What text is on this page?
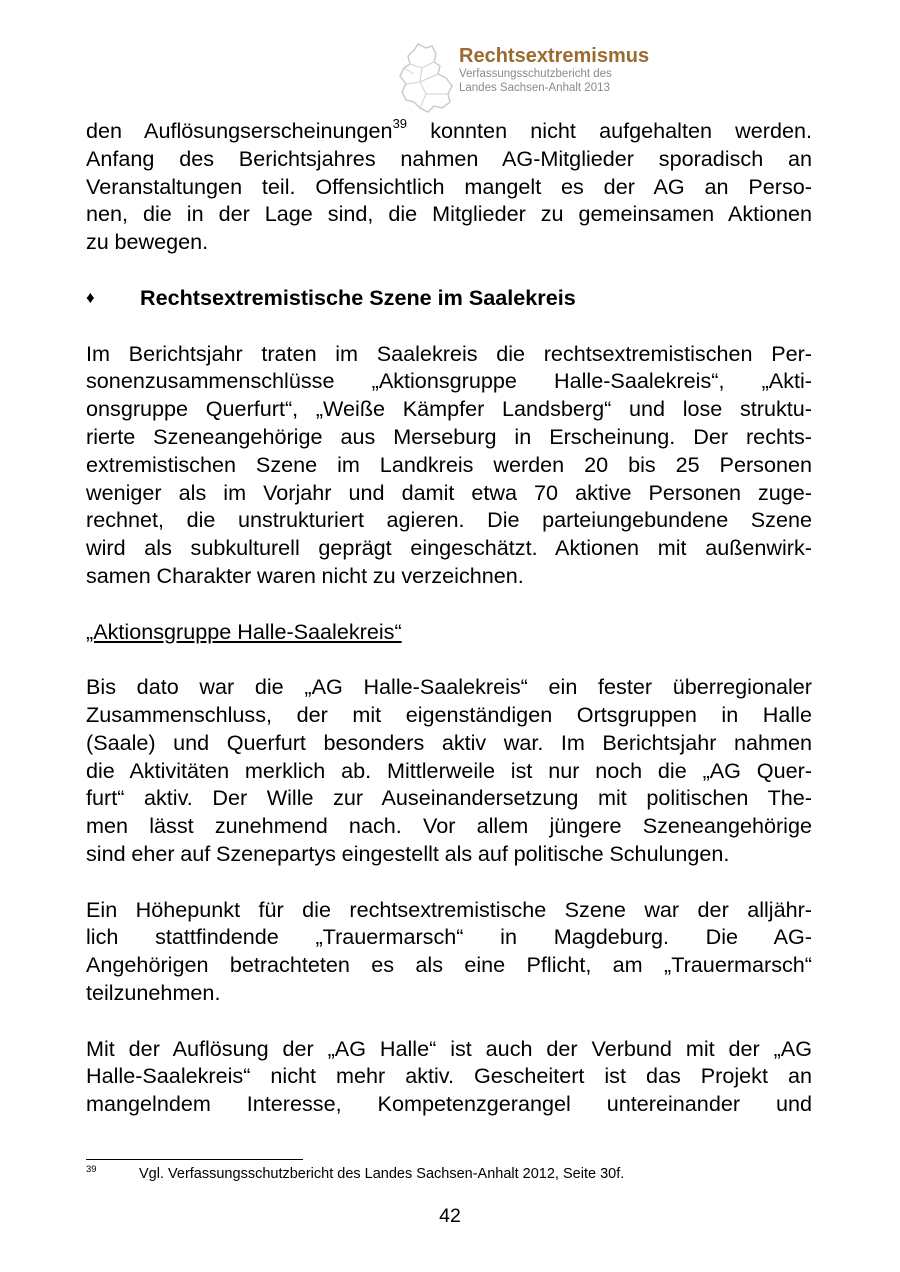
Rechtsextremismus
Verfassungsschutzbericht des
Landes Sachsen-Anhalt 2013
den Auflösungserscheinungen$^{39}$ konnten nicht aufgehalten werden.
Anfang des Berichtsjahres nahmen AG-Mitglieder sporadisch an
Veranstaltungen teil. Offensichtlich mangelt es der AG an Perso-
nen, die in der Lage sind, die Mitglieder zu gemeinsamen Aktionen
zu bewegen.
♦ Rechtsextremistische Szene im Saalekreis
Im Berichtsjahr traten im Saalekreis die rechtsextremistischen Per-
sonenzusammenschlüsse „Aktionsgruppe Halle-Saalekreis“, „Akti-
onsgruppe Querfurt“, „Weiße Kämpfer Landsberg“ und lose struktu-
rierte Szeneangehörige aus Merseburg in Erscheinung. Der rechts-
extremistischen Szene im Landkreis werden 20 bis 25 Personen
weniger als im Vorjahr und damit etwa 70 aktive Personen zuge-
rechnet, die unstrukturiert agieren. Die parteiungebundene Szene
wird als subkulturell geprägt eingeschätzt. Aktionen mit außenwirk-
samen Charakter waren nicht zu verzeichnen.
„Aktionsgruppe Halle-Saalekreis“
Bis dato war die „AG Halle-Saalekreis“ ein fester überregionaler
Zusammenschluss, der mit eigenständigen Ortsgruppen in Halle
(Saale) und Querfurt besonders aktiv war. Im Berichtsjahr nahmen
die Aktivitäten merklich ab. Mittlerweile ist nur noch die „AG Quer-
furt“ aktiv. Der Wille zur Auseinandersetzung mit politischen The-
men lässt zunehmend nach. Vor allem jüngere Szeneangehörige
sind eher auf Szenepartys eingestellt als auf politische Schulungen.
Ein Höhepunkt für die rechtsextremistische Szene war der alljähr-
lich stattfindende „Trauermarsch“ in Magdeburg. Die AG-
Angehörigen betrachteten es als eine Pflicht, am „Trauermarsch“
teilzunehmen.
Mit der Auflösung der „AG Halle“ ist auch der Verbund mit der „AG
Halle-Saalekreis“ nicht mehr aktiv. Gescheitert ist das Projekt an
mangelndem Interesse, Kompetenzgerangel untereinander und
39	Vgl. Verfassungsschutzbericht des Landes Sachsen-Anhalt 2012, Seite 30f.
42
